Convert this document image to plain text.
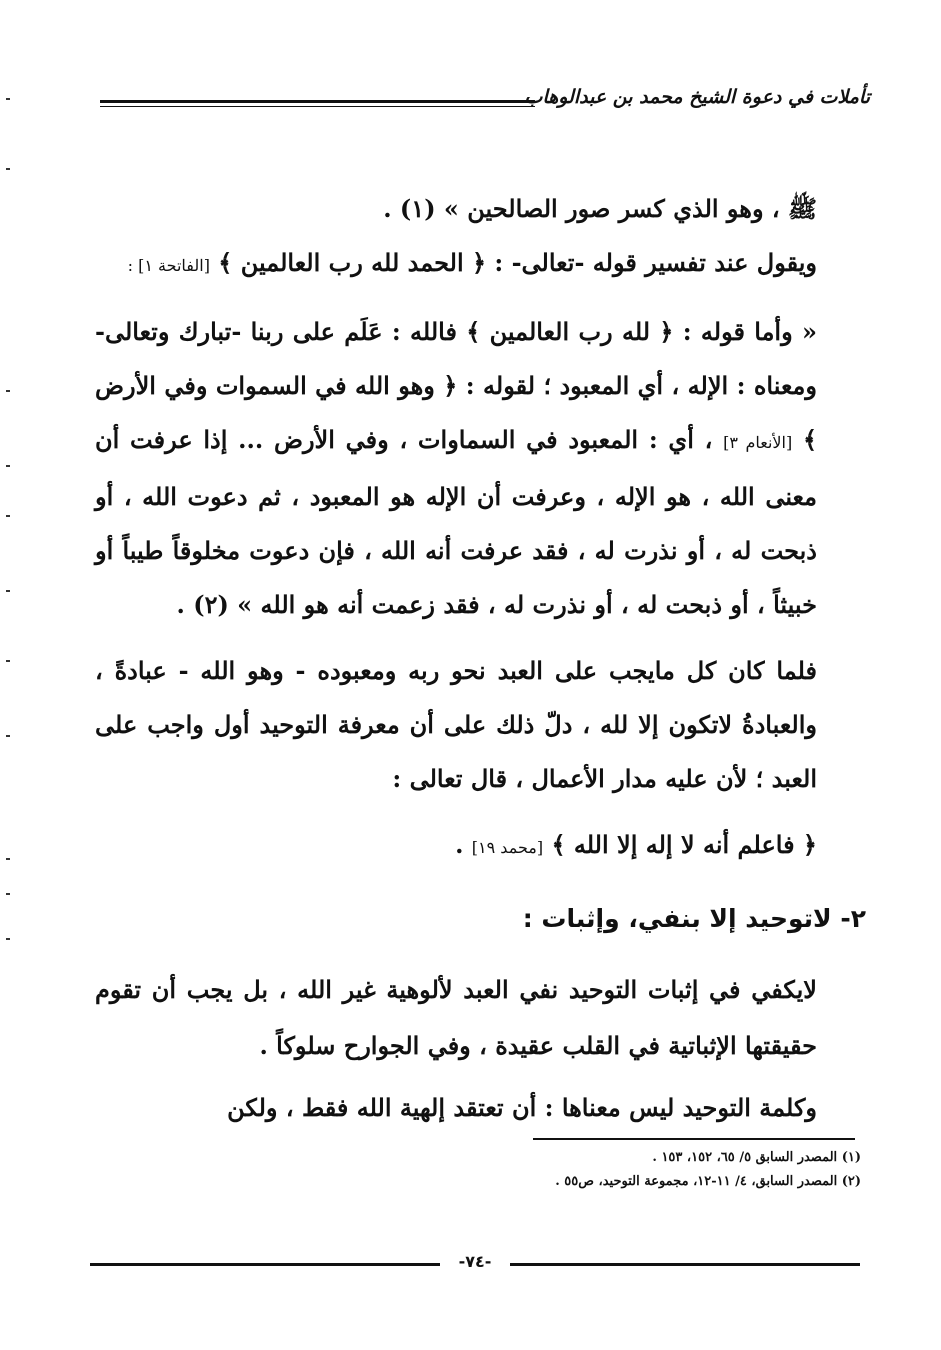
تأملات في دعوة الشيخ محمد بن عبدالوهاب

ﷺ ، وهو الذي كسر صور الصالحين » (١) .

ويقول عند تفسير قوله -تعالى- : ﴿ الحمد لله رب العالمين ﴾ [الفاتحة ١] :

« وأما قوله : ﴿ لله رب العالمين ﴾ فالله : عَلَم على ربنا -تبارك وتعالى- ومعناه : الإله ، أي المعبود ؛ لقوله : ﴿ وهو الله في السموات وفي الأرض ﴾ [الأنعام ٣] ، أي : المعبود في السماوات ، وفي الأرض ... إذا عرفت أن معنى الله ، هو الإله ، وعرفت أن الإله هو المعبود ، ثم دعوت الله ، أو ذبحت له ، أو نذرت له ، فقد عرفت أنه الله ، فإن دعوت مخلوقاً طيباً أو خبيثاً ، أو ذبحت له ، أو نذرت له ، فقد زعمت أنه هو الله » (٢) .

فلما كان كل مايجب على العبد نحو ربه ومعبوده - وهو الله - عبادةً ، والعبادةُ لاتكون إلا لله ، دلّ ذلك على أن معرفة التوحيد أول واجب على العبد ؛ لأن عليه مدار الأعمال ، قال تعالى :

﴿ فاعلم أنه لا إله إلا الله ﴾ [محمد ١٩] .

٢- لاتوحيد إلا بنفي، وإثبات :

لايكفي في إثبات التوحيد نفي العبد لألوهية غير الله ، بل يجب أن تقوم حقيقتها الإثباتية في القلب عقيدة ، وفي الجوارح سلوكاً .

وكلمة التوحيد ليس معناها : أن تعتقد إلهية الله فقط ، ولكن

(١) المصدر السابق ٥/ ٦٥، ١٥٢، ١٥٣ .
(٢) المصدر السابق، ٤/ ١١-١٢، مجموعة التوحيد، ص٥٥ .
-٧٤-
